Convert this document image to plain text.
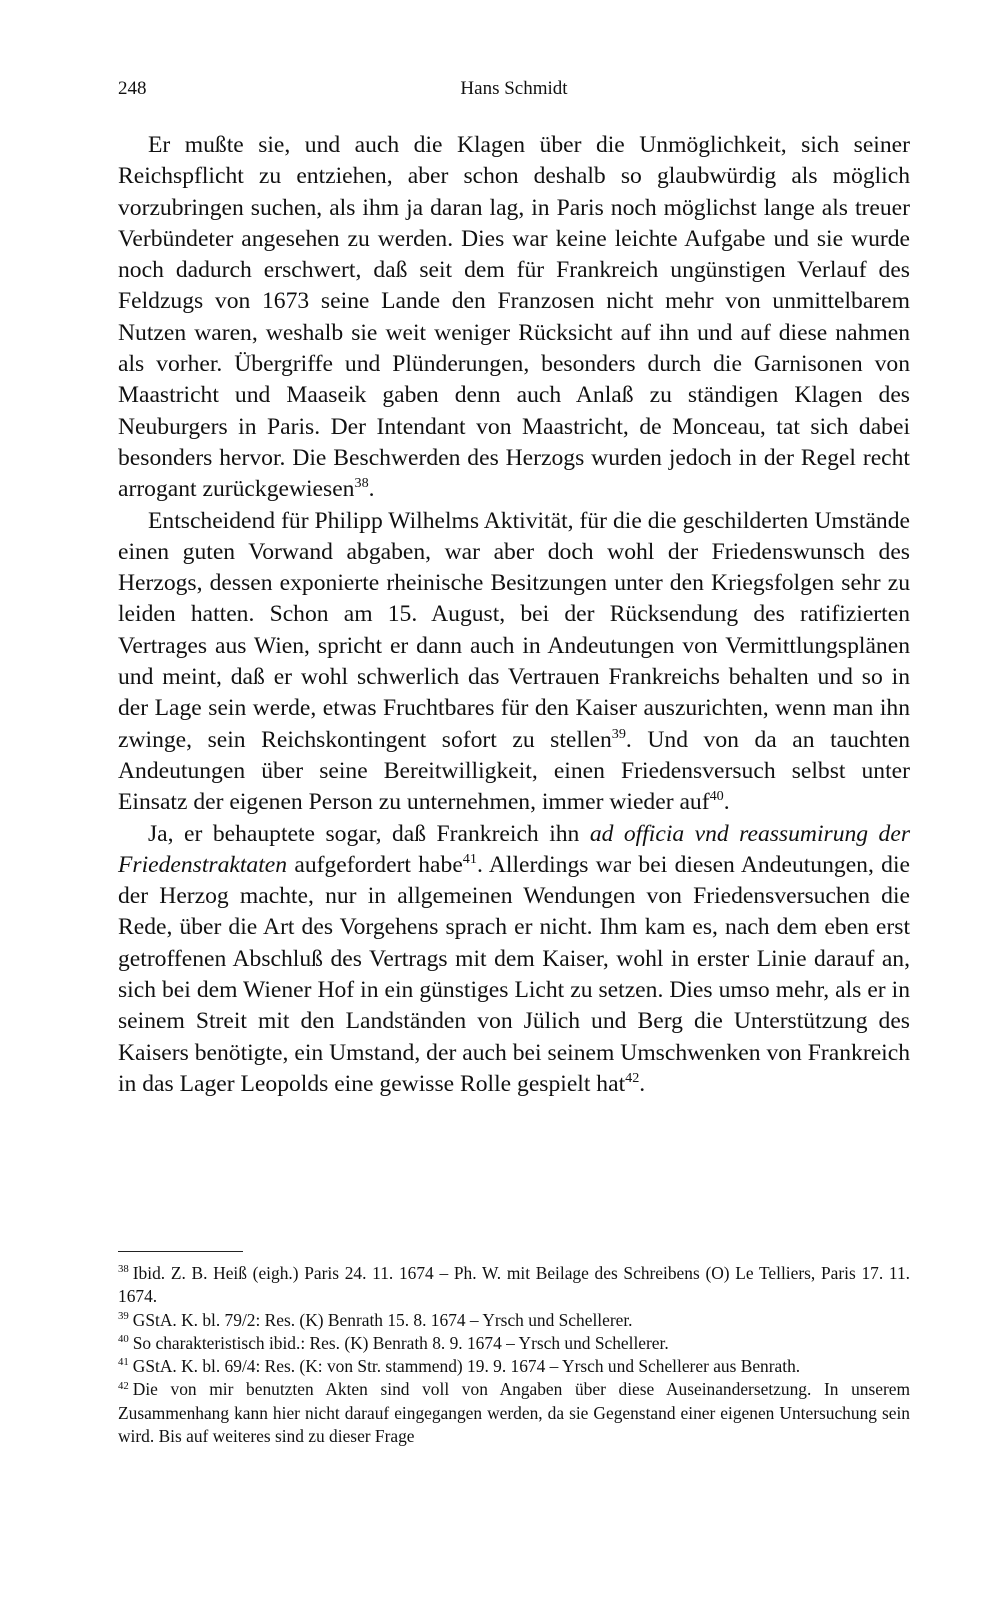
248	Hans Schmidt

Er mußte sie, und auch die Klagen über die Unmöglichkeit, sich seiner Reichspflicht zu entziehen, aber schon deshalb so glaubwürdig als möglich vorzubringen suchen, als ihm ja daran lag, in Paris noch möglichst lange als treuer Verbündeter angesehen zu werden. Dies war keine leichte Aufgabe und sie wurde noch dadurch erschwert, daß seit dem für Frankreich ungünstigen Verlauf des Feldzugs von 1673 seine Lande den Franzosen nicht mehr von unmittelbarem Nutzen waren, weshalb sie weit weniger Rücksicht auf ihn und auf diese nahmen als vorher. Übergriffe und Plünderungen, besonders durch die Garnisonen von Maastricht und Maaseik gaben denn auch Anlaß zu ständigen Klagen des Neuburgers in Paris. Der Intendant von Maastricht, de Monceau, tat sich dabei besonders hervor. Die Beschwerden des Herzogs wurden jedoch in der Regel recht arrogant zurückgewiesen$^{38}$.

Entscheidend für Philipp Wilhelms Aktivität, für die die geschilderten Umstände einen guten Vorwand abgaben, war aber doch wohl der Friedenswunsch des Herzogs, dessen exponierte rheinische Besitzungen unter den Kriegsfolgen sehr zu leiden hatten. Schon am 15. August, bei der Rücksendung des ratifizierten Vertrages aus Wien, spricht er dann auch in Andeutungen von Vermittlungsplänen und meint, daß er wohl schwerlich das Vertrauen Frankreichs behalten und so in der Lage sein werde, etwas Fruchtbares für den Kaiser auszurichten, wenn man ihn zwinge, sein Reichskontingent sofort zu stellen$^{39}$. Und von da an tauchten Andeutungen über seine Bereitwilligkeit, einen Friedensversuch selbst unter Einsatz der eigenen Person zu unternehmen, immer wieder auf$^{40}$.

Ja, er behauptete sogar, daß Frankreich ihn ad officia vnd reassumirung der Friedenstraktaten aufgefordert habe$^{41}$. Allerdings war bei diesen Andeutungen, die der Herzog machte, nur in allgemeinen Wendungen von Friedensversuchen die Rede, über die Art des Vorgehens sprach er nicht. Ihm kam es, nach dem eben erst getroffenen Abschluß des Vertrags mit dem Kaiser, wohl in erster Linie darauf an, sich bei dem Wiener Hof in ein günstiges Licht zu setzen. Dies umso mehr, als er in seinem Streit mit den Landständen von Jülich und Berg die Unterstützung des Kaisers benötigte, ein Umstand, der auch bei seinem Umschwenken von Frankreich in das Lager Leopolds eine gewisse Rolle gespielt hat$^{42}$.

$^{38}$ Ibid. Z. B. Heiß (eigh.) Paris 24. 11. 1674 – Ph. W. mit Beilage des Schreibens (O) Le Telliers, Paris 17. 11. 1674.

$^{39}$ GStA. K. bl. 79/2: Res. (K) Benrath 15. 8. 1674 – Yrsch und Schellerer.

$^{40}$ So charakteristisch ibid.: Res. (K) Benrath 8. 9. 1674 – Yrsch und Schellerer.

$^{41}$ GStA. K. bl. 69/4: Res. (K: von Str. stammend) 19. 9. 1674 – Yrsch und Schellerer aus Benrath.

$^{42}$ Die von mir benutzten Akten sind voll von Angaben über diese Auseinandersetzung. In unserem Zusammenhang kann hier nicht darauf eingegangen werden, da sie Gegenstand einer eigenen Untersuchung sein wird. Bis auf weiteres sind zu dieser Frage
